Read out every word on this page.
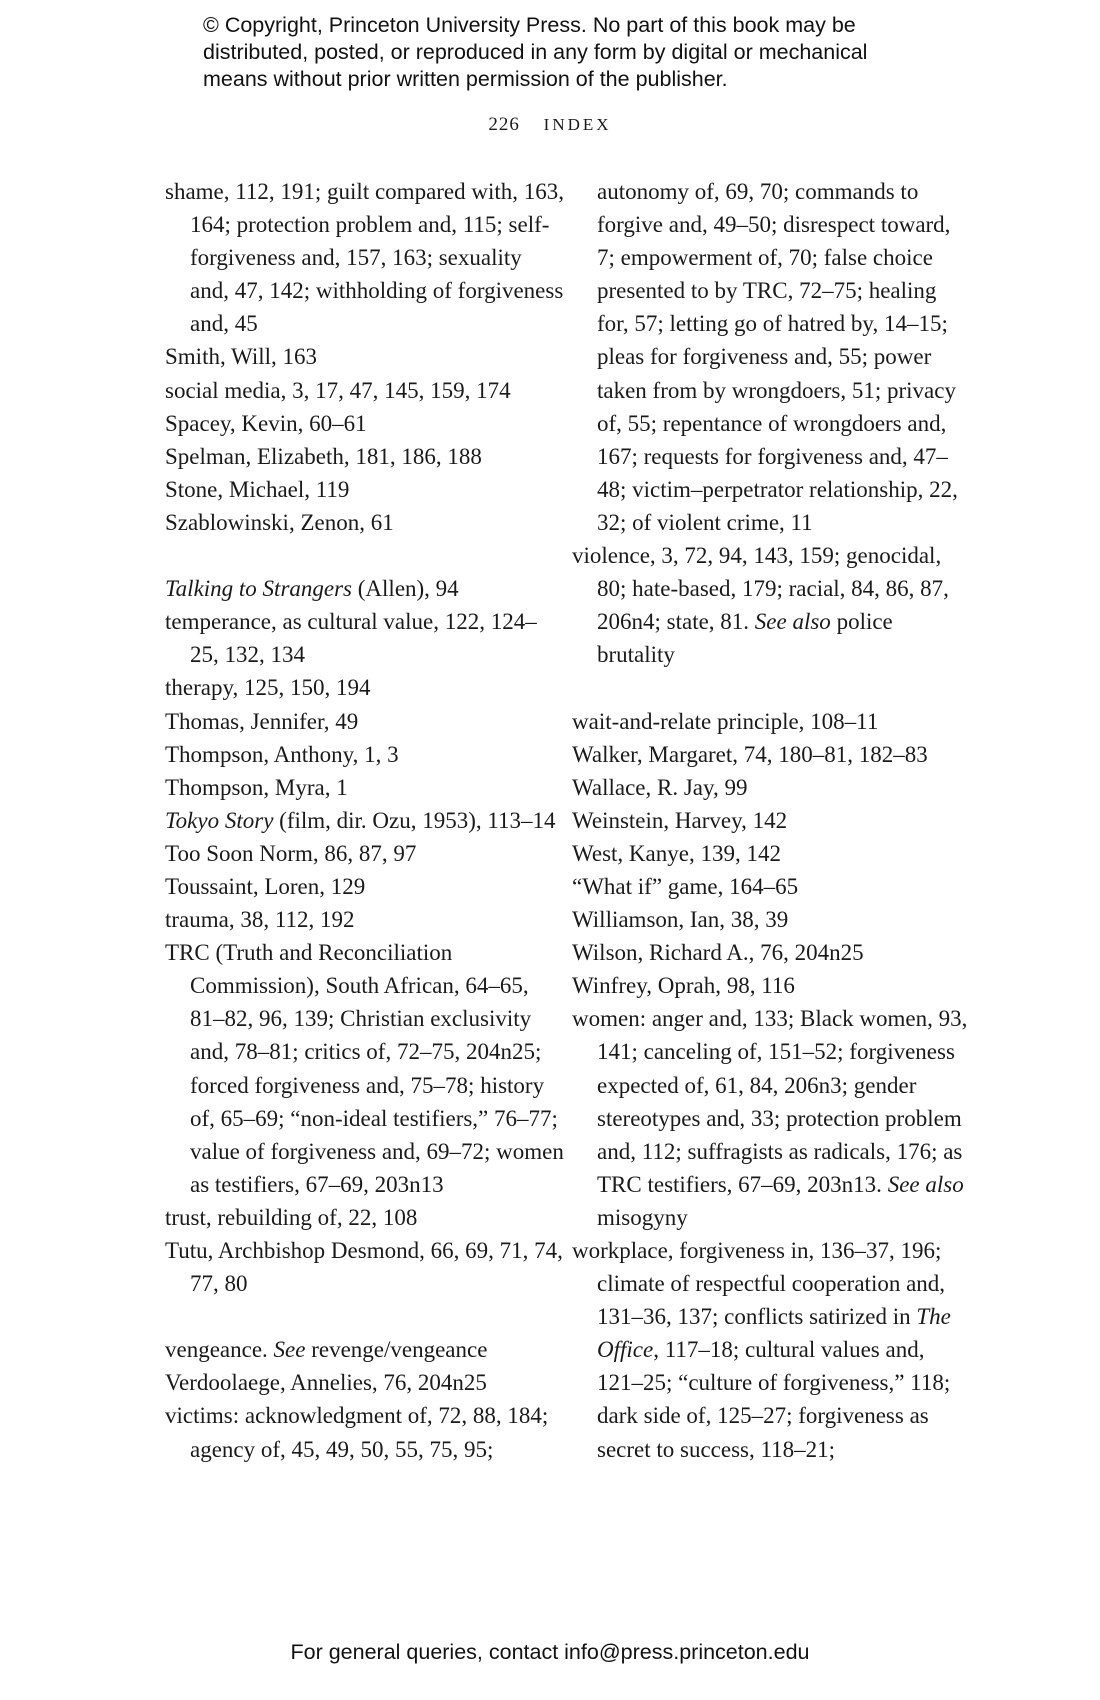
© Copyright, Princeton University Press. No part of this book may be
distributed, posted, or reproduced in any form by digital or mechanical
means without prior written permission of the publisher.
226 INDEX
shame, 112, 191; guilt compared with, 163, 164; protection problem and, 115; self-forgiveness and, 157, 163; sexuality and, 47, 142; withholding of forgiveness and, 45
Smith, Will, 163
social media, 3, 17, 47, 145, 159, 174
Spacey, Kevin, 60–61
Spelman, Elizabeth, 181, 186, 188
Stone, Michael, 119
Szablowinski, Zenon, 61
Talking to Strangers (Allen), 94
temperance, as cultural value, 122, 124–25, 132, 134
therapy, 125, 150, 194
Thomas, Jennifer, 49
Thompson, Anthony, 1, 3
Thompson, Myra, 1
Tokyo Story (film, dir. Ozu, 1953), 113–14
Too Soon Norm, 86, 87, 97
Toussaint, Loren, 129
trauma, 38, 112, 192
TRC (Truth and Reconciliation Commission), South African, 64–65, 81–82, 96, 139; Christian exclusivity and, 78–81; critics of, 72–75, 204n25; forced forgiveness and, 75–78; history of, 65–69; “non-ideal testifiers,” 76–77; value of forgiveness and, 69–72; women as testifiers, 67–69, 203n13
trust, rebuilding of, 22, 108
Tutu, Archbishop Desmond, 66, 69, 71, 74, 77, 80
vengeance. See revenge/vengeance
Verdoolaege, Annelies, 76, 204n25
victims: acknowledgment of, 72, 88, 184; agency of, 45, 49, 50, 55, 75, 95;
autonomy of, 69, 70; commands to forgive and, 49–50; disrespect toward, 7; empowerment of, 70; false choice presented to by TRC, 72–75; healing for, 57; letting go of hatred by, 14–15; pleas for forgiveness and, 55; power taken from by wrongdoers, 51; privacy of, 55; repentance of wrongdoers and, 167; requests for forgiveness and, 47–48; victim–perpetrator relationship, 22, 32; of violent crime, 11
violence, 3, 72, 94, 143, 159; genocidal, 80; hate-based, 179; racial, 84, 86, 87, 206n4; state, 81. See also police brutality
wait-and-relate principle, 108–11
Walker, Margaret, 74, 180–81, 182–83
Wallace, R. Jay, 99
Weinstein, Harvey, 142
West, Kanye, 139, 142
“What if” game, 164–65
Williamson, Ian, 38, 39
Wilson, Richard A., 76, 204n25
Winfrey, Oprah, 98, 116
women: anger and, 133; Black women, 93, 141; canceling of, 151–52; forgiveness expected of, 61, 84, 206n3; gender stereotypes and, 33; protection problem and, 112; suffragists as radicals, 176; as TRC testifiers, 67–69, 203n13. See also misogyny
workplace, forgiveness in, 136–37, 196; climate of respectful cooperation and, 131–36, 137; conflicts satirized in The Office, 117–18; cultural values and, 121–25; “culture of forgiveness,” 118; dark side of, 125–27; forgiveness as secret to success, 118–21;
For general queries, contact info@press.princeton.edu
